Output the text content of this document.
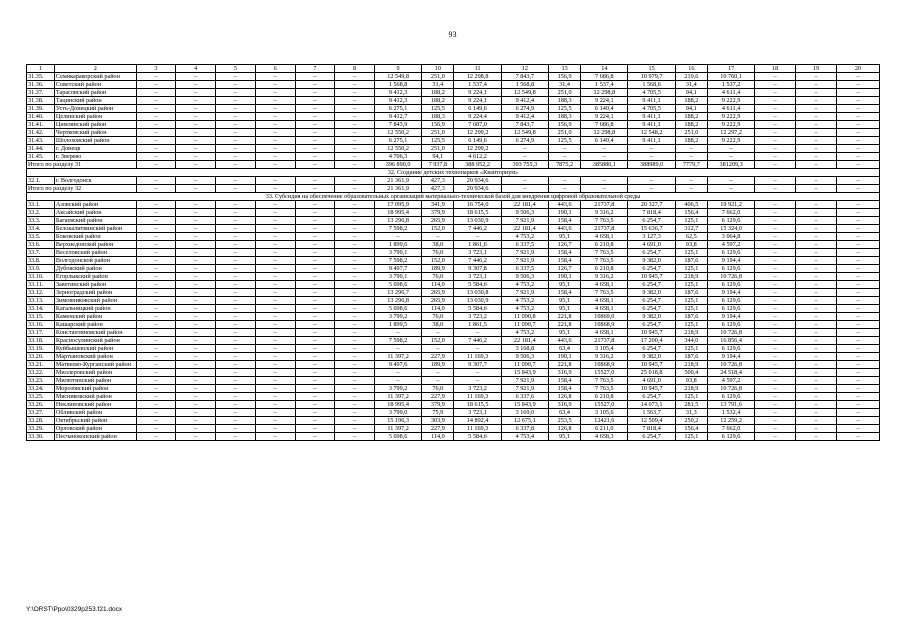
93
1	2	3	4	5	6	7	8	9	10	11	12	13	14	15	16	17	18	19	20
31.35.	Семикаракорский район	–	–	–	–	–	–	12 549,8	251,0	12 298,8	7 843,7	156,9	7 686,8	10 979,7	219,6	10 760,1	–	–	–
31.36.	Советский район	–	–	–	–	–	–	1 568,8	31,4	1 537,4	1 568,8	31,4	1 537,4	1 568,6	31,4	1 537,2	–	–	–
31.37.	Тарасовский район	–	–	–	–	–	–	9 412,3	188,2	9 224,1	12 549,8	251,0	12 298,8	4 705,5	94,1	4 611,4	–	–	–
31.38.	Тацинский район	–	–	–	–	–	–	9 412,3	188,2	9 224,1	9 412,4	188,3	9 224,1	9 411,1	188,2	9 222,9	–	–	–
31.39.	Усть-Донецкий район	–	–	–	–	–	–	6 275,1	125,5	6 149,6	6 274,9	125,5	6 149,4	4 705,5	94,1	4 611,4	–	–	–
31.40.	Целинский район	–	–	–	–	–	–	9 412,7	188,3	9 224,4	9 412,4	188,3	9 224,1	9 411,1	188,2	9 222,9	–	–	–
31.41.	Цимлянский район	–	–	–	–	–	–	7 843,9	156,9	7 687,0	7 843,7	156,9	7 686,8	9 411,1	188,2	9 222,9	–	–	–
31.42.	Чертковский район	–	–	–	–	–	–	12 550,2	251,0	12 299,2	12 549,8	251,0	12 298,8	12 548,2	251,0	12 297,2	–	–	–
31.43.	Шолоховский район	–	–	–	–	–	–	6 275,1	125,5	6 149,6	6 274,9	125,5	6 149,4	9 411,1	188,2	9 222,9	–	–	–
31.44.	г. Донецк	–	–	–	–	–	–	12 550,2	251,0	12 299,2	–	–	–	–	–	–	–	–	–
31.45.	г. Зверево	–	–	–	–	–	–	4 706,3	94,1	4 612,2	–	–	–	–	–	–	–	–	–
Итого по разделу 31		–	–	–	–	–	–	396 890,0	7 937,8	388 952,2	393 755,3	7875,2	385880,1	388989,0	7779,7	381209,3	–	–	–
32. Создание детских технопарков «Кванториум»																			
32.1.	г. Волгодонск	–	–	–	–	–	–	21 361,9	427,3	20 934,6	–	–	–	–	–	–	–	–	–
Итого по разделу 32		–	–	–	–	–	–	21 361,9	427,3	20 934,6	–	–	–	–	–	–	–	–	–
33. Субсидия на обеспечение образовательных организаций материально-технической базой для внедрения цифровой образовательной среды																			
33.1.	Азовский район	–	–	–	–	–	–	17 095,9	341,9	16 754,0	22 181,4	443,6	21737,8	20 327,7	406,5	19 921,2	–	–	–
33.2.	Аксайский район	–	–	–	–	–	–	18 995,4	379,9	18 615,5	9 506,3	190,1	9 316,2	7 818,4	156,4	7 662,0	–	–	–
33.3.	Багаевский район	–	–	–	–	–	–	13 296,8	265,9	13 030,9	7 921,9	158,4	7 763,5	6 254,7	125,1	6 129,6	–	–	–
33.4.	Белокалитвинский район	–	–	–	–	–	–	7 598,2	152,0	7 446,2	22 181,4	443,6	21737,8	15 636,7	312,7	15 324,0	–	–	–
33.5.	Боковский район	–	–	–	–	–	–	–	–	–	4 753,2	95,1	4 658,1	3 127,3	62,5	3 064,8	–	–	–
33.6.	Верхнедонской район	–	–	–	–	–	–	1 899,6	38,0	1 861,6	6 337,5	126,7	6 210,8	4 691,0	93,8	4 597,2	–	–	–
33.7.	Веселовский район	–	–	–	–	–	–	3 799,1	76,0	3 723,1	7 921,9	158,4	7 763,5	6 254,7	125,1	6 129,6	–	–	–
33.8.	Волгодонской район	–	–	–	–	–	–	7 598,2	152,0	7 446,2	7 921,9	158,4	7 763,5	9 382,0	187,6	9 194,4	–	–	–
33.9.	Дубовский район	–	–	–	–	–	–	9 497,7	189,9	9 307,8	6 337,5	126,7	6 210,8	6 254,7	125,1	6 129,6	–	–	–
33.10.	Егорлыкский район	–	–	–	–	–	–	3 799,1	76,0	3 723,1	9 506,3	190,1	9 316,2	10 945,7	218,9	10 726,8	–	–	–
33.11.	Заветинский район	–	–	–	–	–	–	5 698,6	114,0	5 584,6	4 753,2	95,1	4 658,1	6 254,7	125,1	6 129,6	–	–	–
33.12.	Зерноградский район	–	–	–	–	–	–	13 296,7	265,9	13 030,8	7 921,9	158,4	7 763,5	9 382,0	187,6	9 194,4	–	–	–
33.13.	Зимовниковский район	–	–	–	–	–	–	13 296,8	265,9	13 030,9	4 753,2	95,1	4 658,1	6 254,7	125,1	6 129,6	–	–	–
33.14.	Кагальницкий район	–	–	–	–	–	–	5 698,6	114,0	5 584,6	4 753,2	95,1	4 658,1	6 254,7	125,1	6 129,6	–	–	–
33.15.	Каменский район	–	–	–	–	–	–	3 799,2	76,0	3 723,2	11 090,8	221,8	10869,0	9 382,0	187,6	9 194,4	–	–	–
33.16.	Кашарский район	–	–	–	–	–	–	1 899,5	38,0	1 861,5	11 090,7	221,8	10868,9	6 254,7	125,1	6 129,6	–	–	–
33.17.	Константиновский район	–	–	–	–	–	–	–	–	–	4 753,2	95,1	4 658,1	10 945,7	218,9	10 726,8	–	–	–
33.18.	Красносулинский район	–	–	–	–	–	–	7 598,2	152,0	7 446,2	22 181,4	443,6	21737,8	17 200,4	344,0	16 856,4	–	–	–
33.19.	Куйбышевский район	–	–	–	–	–	–	–	–	–	3 168,8	63,4	3 105,4	6 254,7	125,1	6 129,6	–	–	–
33.20.	Мартыновский район	–	–	–	–	–	–	11 397,2	227,9	11 169,3	9 506,3	190,1	9 316,2	9 382,0	187,6	9 194,4	–	–	–
33.21.	Матвеево-Курганский район	–	–	–	–	–	–	9 497,6	189,9	9 307,7	11 090,7	221,8	10868,9	10 945,7	218,9	10 726,8	–	–	–
33.22.	Миллеровский район	–	–	–	–	–	–	–	–	–	15 843,9	316,9	15527,0	25 018,8	500,4	24 518,4	–	–	–
33.23.	Милютинский район	–	–	–	–	–	–	–	–	–	7 921,9	158,4	7 763,5	4 691,0	93,8	4 597,2	–	–	–
33.24.	Морозовский район	–	–	–	–	–	–	3 799,2	76,0	3 723,2	7 921,9	158,4	7 763,5	10 945,7	218,9	10 726,8	–	–	–
33.25.	Мясниковский район	–	–	–	–	–	–	11 397,2	227,9	11 169,3	6 337,6	126,8	6 210,8	6 254,7	125,1	6 129,6	–	–	–
33.26.	Неклиновский район	–	–	–	–	–	–	18 995,4	379,9	18 615,5	15 843,9	316,9	15527,0	14 073,1	281,5	13 791,6	–	–	–
33.27.	Обливский район	–	–	–	–	–	–	3 799,0	75,9	3 723,1	3 169,0	63,4	3 105,6	1 563,7	31,3	1 532,4	–	–	–
33.28.	Октябрьский район	–	–	–	–	–	–	15 196,3	303,9	14 892,4	12 675,1	253,5	12421,6	12 509,4	250,2	12 259,2	–	–	–
33.29.	Орловский район	–	–	–	–	–	–	11 397,2	227,9	11 169,3	6 337,8	126,8	6 211,0	7 818,4	156,4	7 662,0	–	–	–
33.30.	Песчанокопский район	–	–	–	–	–	–	5 698,6	114,0	5 584,6	4 753,4	95,1	4 658,3	6 254,7	125,1	6 129,6	–	–	–
Y:\ORST\Ppo\0329p253.f21.docx
